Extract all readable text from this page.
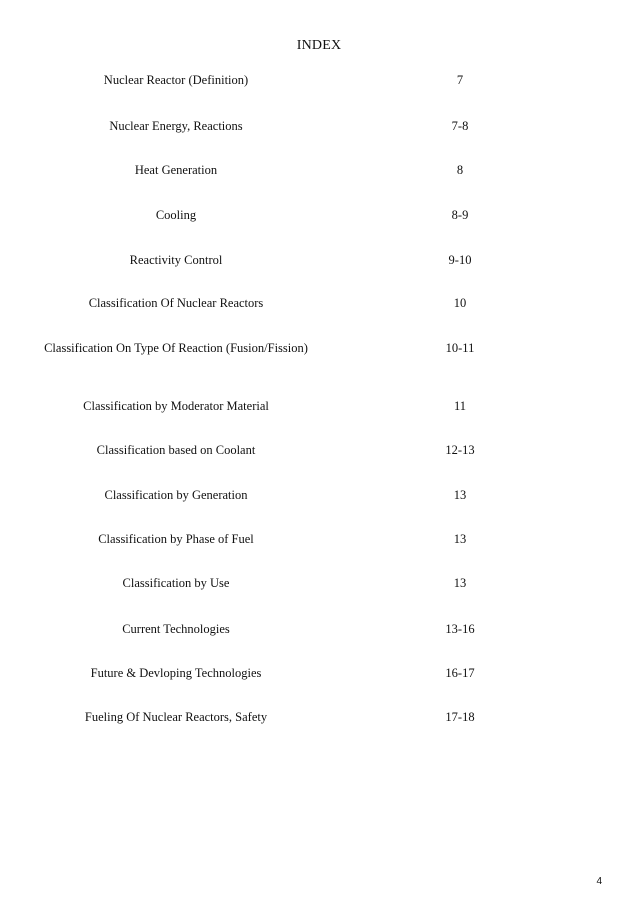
INDEX
Nuclear Reactor (Definition)	7
Nuclear Energy, Reactions	7-8
Heat Generation	8
Cooling	8-9
Reactivity Control	9-10
Classification Of Nuclear Reactors	10
Classification On Type Of Reaction (Fusion/Fission)	10-11
Classification by Moderator Material	11
Classification based on Coolant	12-13
Classification by Generation	13
Classification by Phase of Fuel	13
Classification by Use	13
Current Technologies	13-16
Future & Devloping Technologies	16-17
Fueling Of Nuclear Reactors, Safety	17-18
4
